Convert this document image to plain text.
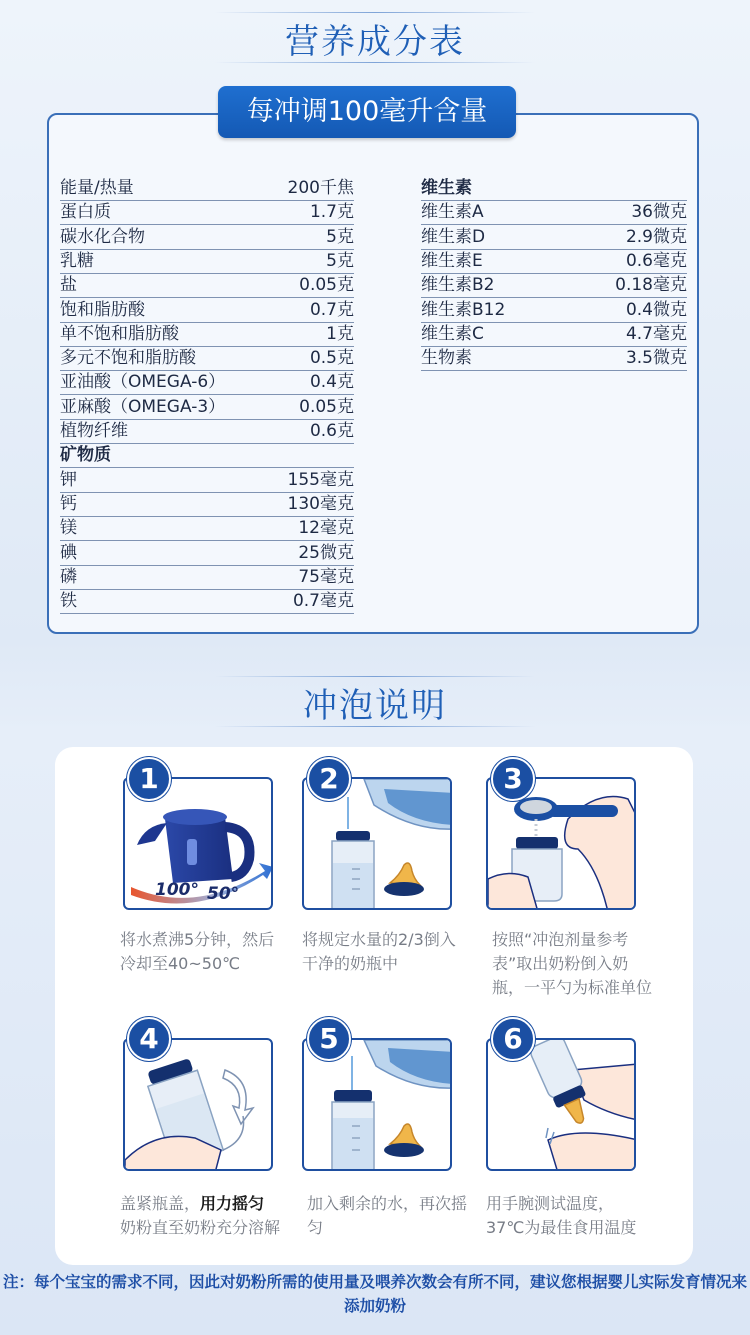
营养成分表
每冲调100毫升含量
能量/热量	200千焦
蛋白质	1.7克
碳水化合物	5克
乳糖	5克
盐	0.05克
饱和脂肪酸	0.7克
单不饱和脂肪酸	1克
多元不饱和脂肪酸	0.5克
亚油酸（OMEGA-6）	0.4克
亚麻酸（OMEGA-3）	0.05克
植物纤维	0.6克
矿物质
钾	155毫克
钙	130毫克
镁	12毫克
碘	25微克
磷	75毫克
铁	0.7毫克
维生素
维生素A	36微克
维生素D	2.9微克
维生素E	0.6毫克
维生素B2	0.18毫克
维生素B12	0.4微克
维生素C	4.7毫克
生物素	3.5微克
冲泡说明
100° 50°
1
将水煮沸5分钟，然后冷却至40~50℃
2
将规定水量的2/3倒入干净的奶瓶中
3
按照“冲泡剂量参考表”取出奶粉倒入奶瓶，一平勺为标准单位
4
盖紧瓶盖，用力摇匀奶粉直至奶粉充分溶解
5
加入剩余的水，再次摇匀
6
用手腕测试温度，37℃为最佳食用温度
注：每个宝宝的需求不同，因此对奶粉所需的使用量及喂养次数会有所不同，建议您根据婴儿实际发育情况来添加奶粉
